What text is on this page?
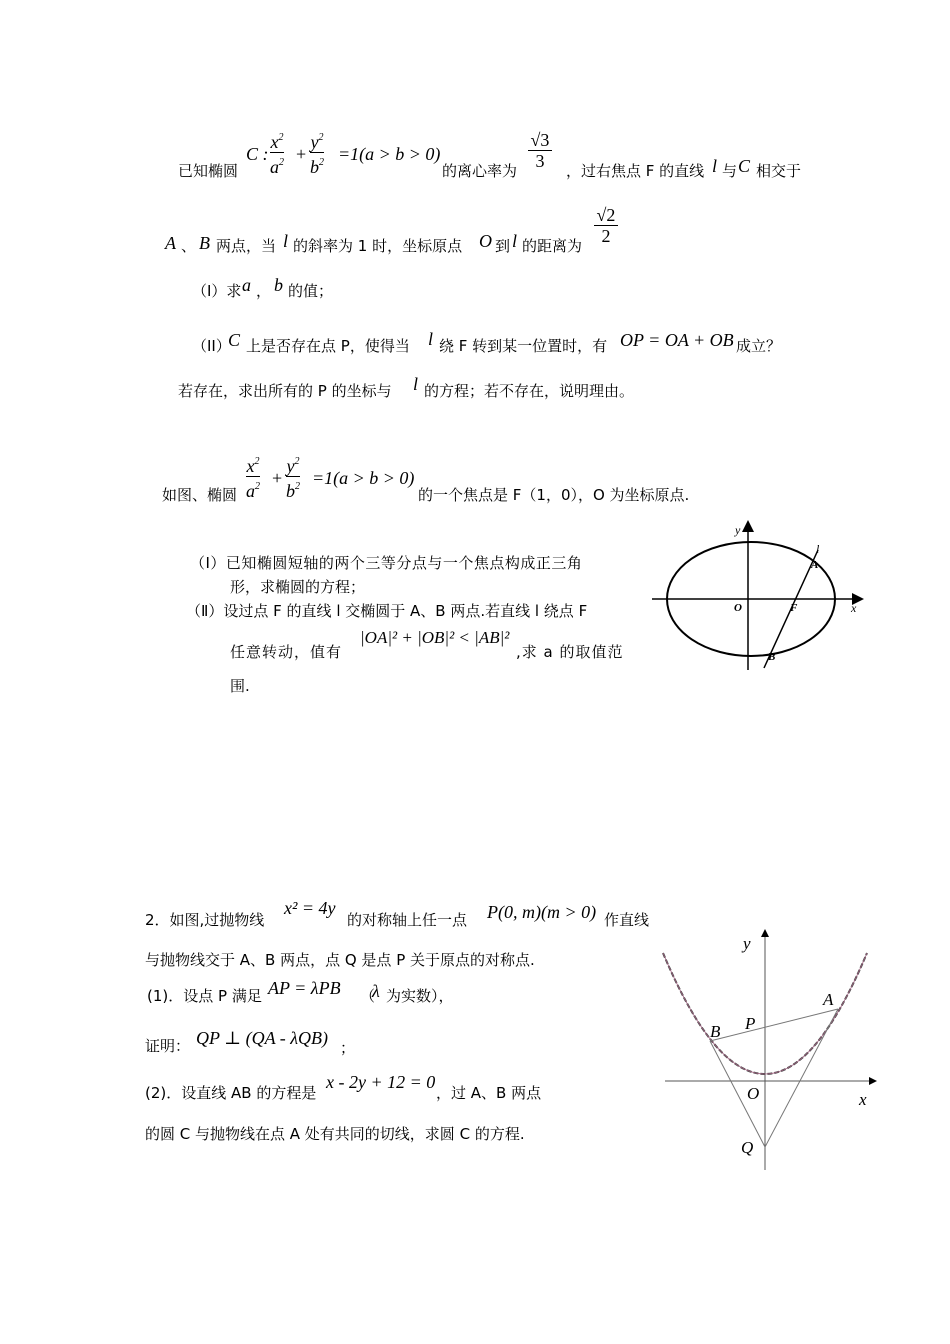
已知椭圆
C :
$x^2$
$a^2$ +
$y^2$
$b^2 =1(a > b > 0)$
的离心率为
√3
3	，过右焦点 F 的直线 l 与 C 相交于
A 、 B 两点，当 l 的斜率为 1 时，坐标原点 O 到 l 的距离为
√2
2
（I）求 a ， b 的值；
（II）
C 上是否存在点 P，使得当 l 绕 F 转到某一位置时，有 OP = OA + OB 成立？
若存在，求出所有的 P 的坐标与 l 的方程；若不存在，说明理由。
如图、椭圆
$x^2$
$a^2$ +
$y^2$
$b^2 =1(a > b > 0)$
的一个焦点是 F（1，0），O 为坐标原点.
（Ⅰ）已知椭圆短轴的两个三等分点与一个焦点构成正三角
形，求椭圆的方程；
（Ⅱ）设过点 F 的直线 l 交椭圆于 A、B 两点.若直线 l 绕点 F
任意转动，值有
|OA|² + |OB|² < |AB|²
,求 a 的取值范
围.
y
l
A
O	F	x
B
2．如图,过抛物线
x² = 4y
的对称轴上任一点 P(0, m)(m > 0) 作直线
与抛物线交于 A、B 两点，点 Q 是点 P 关于原点的对称点.
(1)．设点 P 满足 AP = λPB （
λ 为实数），
证明： QP ⊥ (QA - λQB) ；
(2)．设直线 AB 的方程是
x - 2y + 12 = 0
，过 A、B 两点
的圆 C 与抛物线在点 A 处有共同的切线，求圆 C 的方程.
y
A
B P
O	x
Q
